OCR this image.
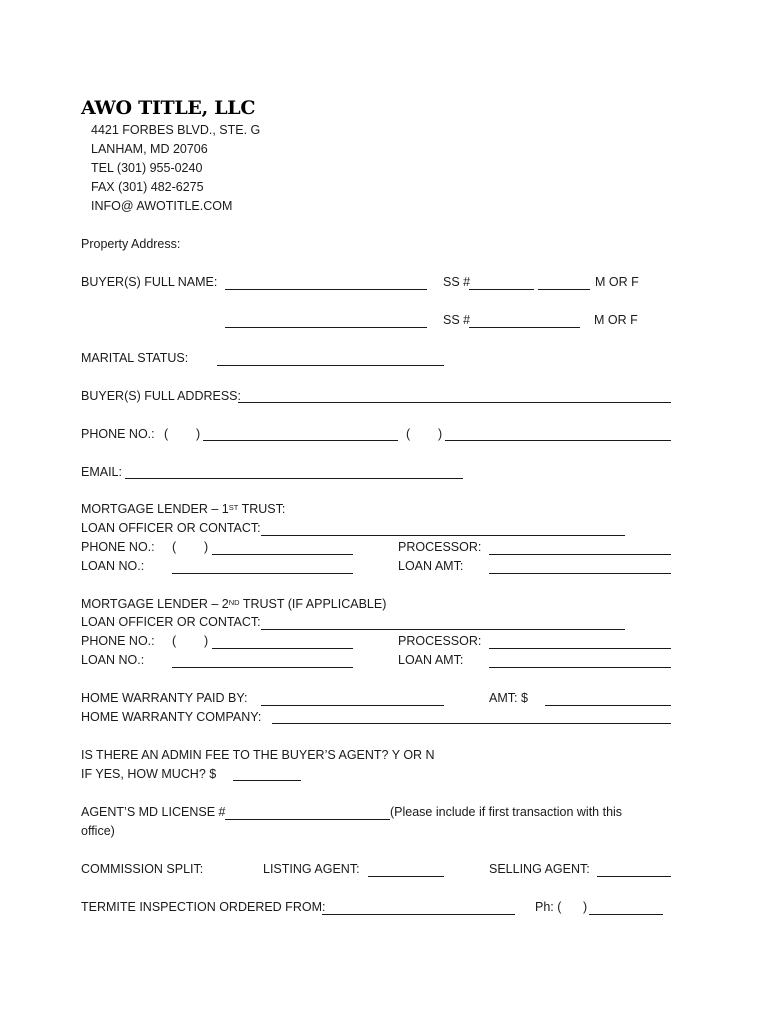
AWO TITLE, LLC
4421 FORBES BLVD., STE. G
LANHAM, MD 20706
TEL (301) 955-0240
FAX (301) 482-6275
INFO@ AWOTITLE.COM
Property Address:
BUYER(S) FULL NAME:	SS #	M OR F
SS #	M OR F
MARITAL STATUS:
BUYER(S) FULL ADDRESS:
PHONE NO.: ( )	( )
EMAIL:
MORTGAGE LENDER – 1ST TRUST:
LOAN OFFICER OR CONTACT:
PHONE NO.: ( )	PROCESSOR:
LOAN NO.:	LOAN AMT:
MORTGAGE LENDER – 2ND TRUST (IF APPLICABLE)
LOAN OFFICER OR CONTACT:
PHONE NO.: ( )	PROCESSOR:
LOAN NO.:	LOAN AMT:
HOME WARRANTY PAID BY:	AMT: $
HOME WARRANTY COMPANY:
IS THERE AN ADMIN FEE TO THE BUYER’S AGENT? Y OR N
IF YES, HOW MUCH? $
AGENT’S MD LICENSE #	(Please include if first transaction with this
office)
COMMISSION SPLIT:	LISTING AGENT:	SELLING AGENT:
TERMITE INSPECTION ORDERED FROM:	Ph: ( )
